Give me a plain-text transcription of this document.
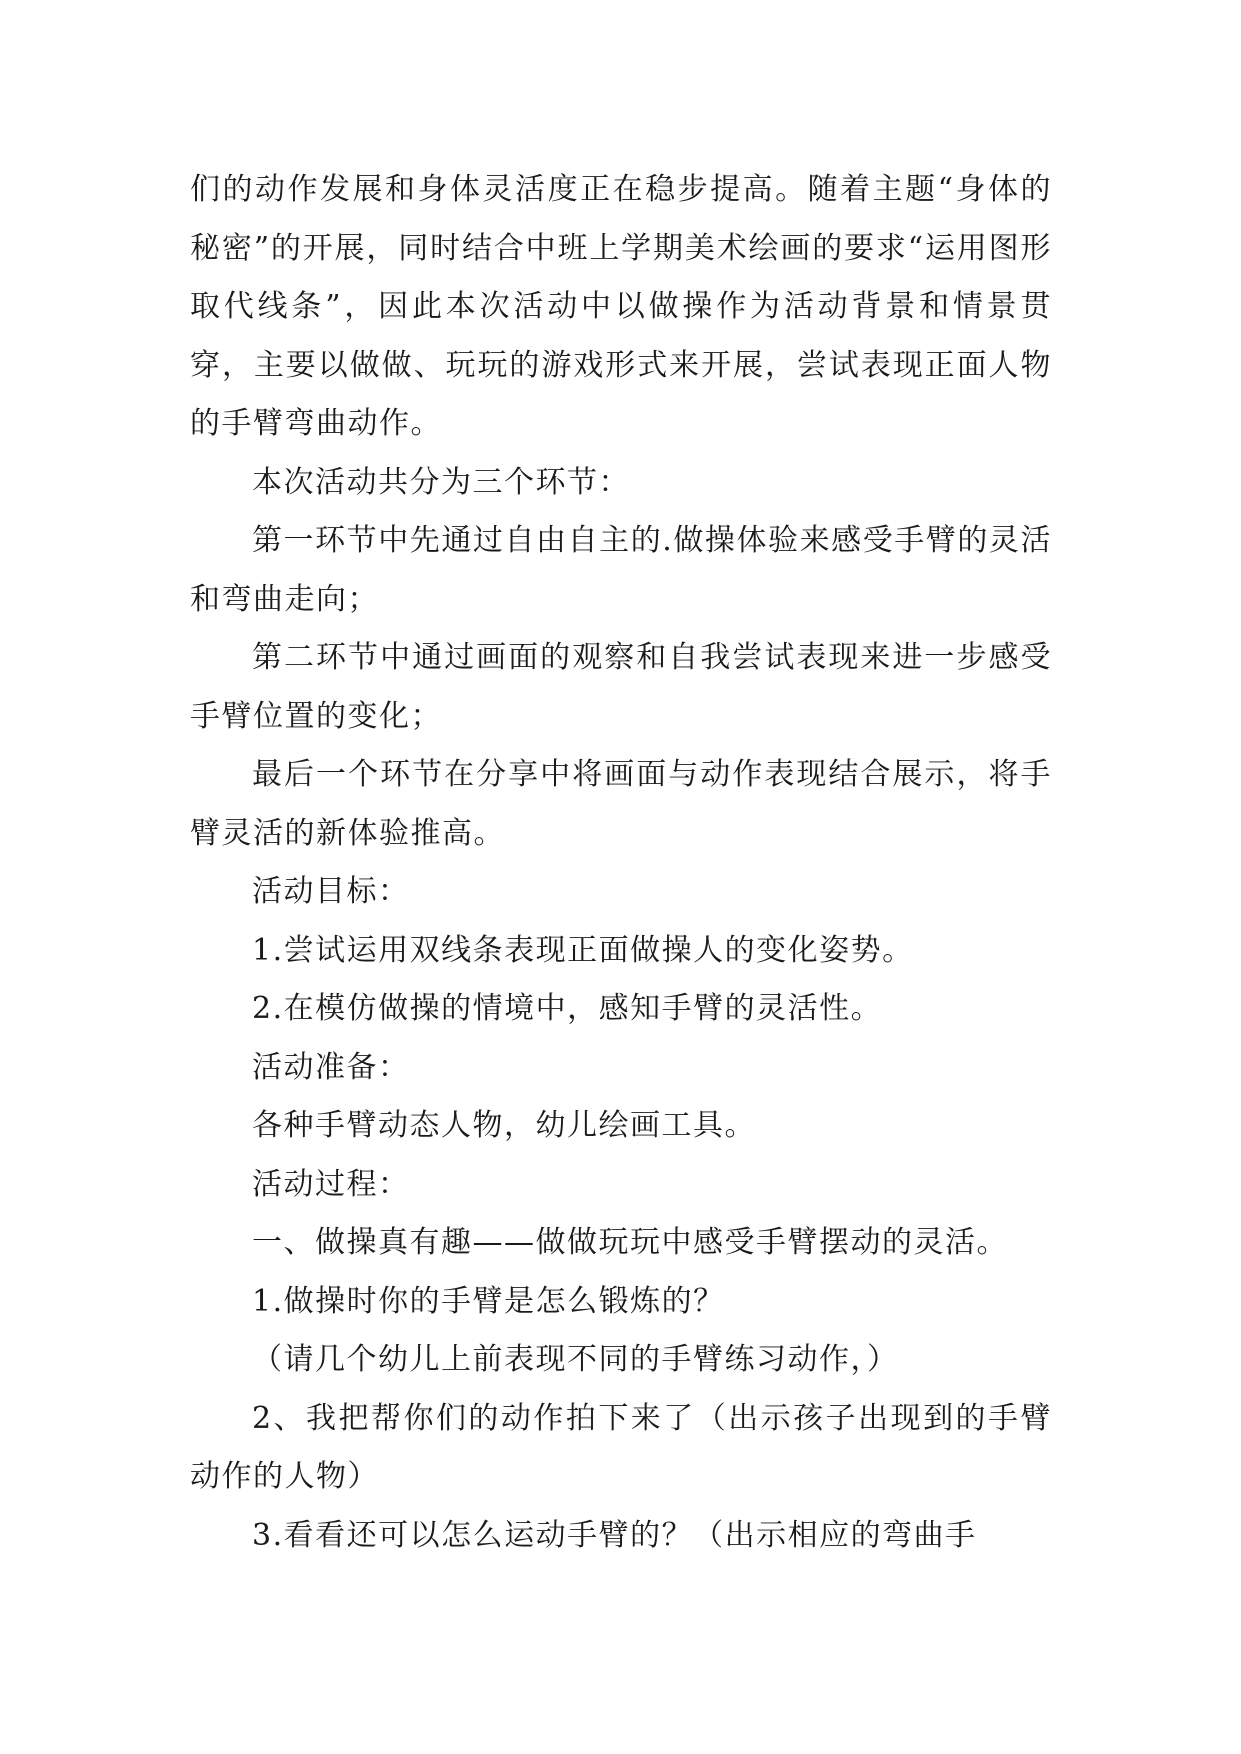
们的动作发展和身体灵活度正在稳步提高。随着主题“身体的秘密”的开展，同时结合中班上学期美术绘画的要求“运用图形取代线条”，因此本次活动中以做操作为活动背景和情景贯穿，主要以做做、玩玩的游戏形式来开展，尝试表现正面人物的手臂弯曲动作。

本次活动共分为三个环节：

第一环节中先通过自由自主的.做操体验来感受手臂的灵活和弯曲走向；

第二环节中通过画面的观察和自我尝试表现来进一步感受手臂位置的变化；

最后一个环节在分享中将画面与动作表现结合展示，将手臂灵活的新体验推高。

活动目标：

1.尝试运用双线条表现正面做操人的变化姿势。

2.在模仿做操的情境中，感知手臂的灵活性。

活动准备：

各种手臂动态人物，幼儿绘画工具。

活动过程：

一、做操真有趣——做做玩玩中感受手臂摆动的灵活。

1.做操时你的手臂是怎么锻炼的？

（请几个幼儿上前表现不同的手臂练习动作，）

2、我把帮你们的动作拍下来了（出示孩子出现到的手臂动作的人物）

3.看看还可以怎么运动手臂的？（出示相应的弯曲手
